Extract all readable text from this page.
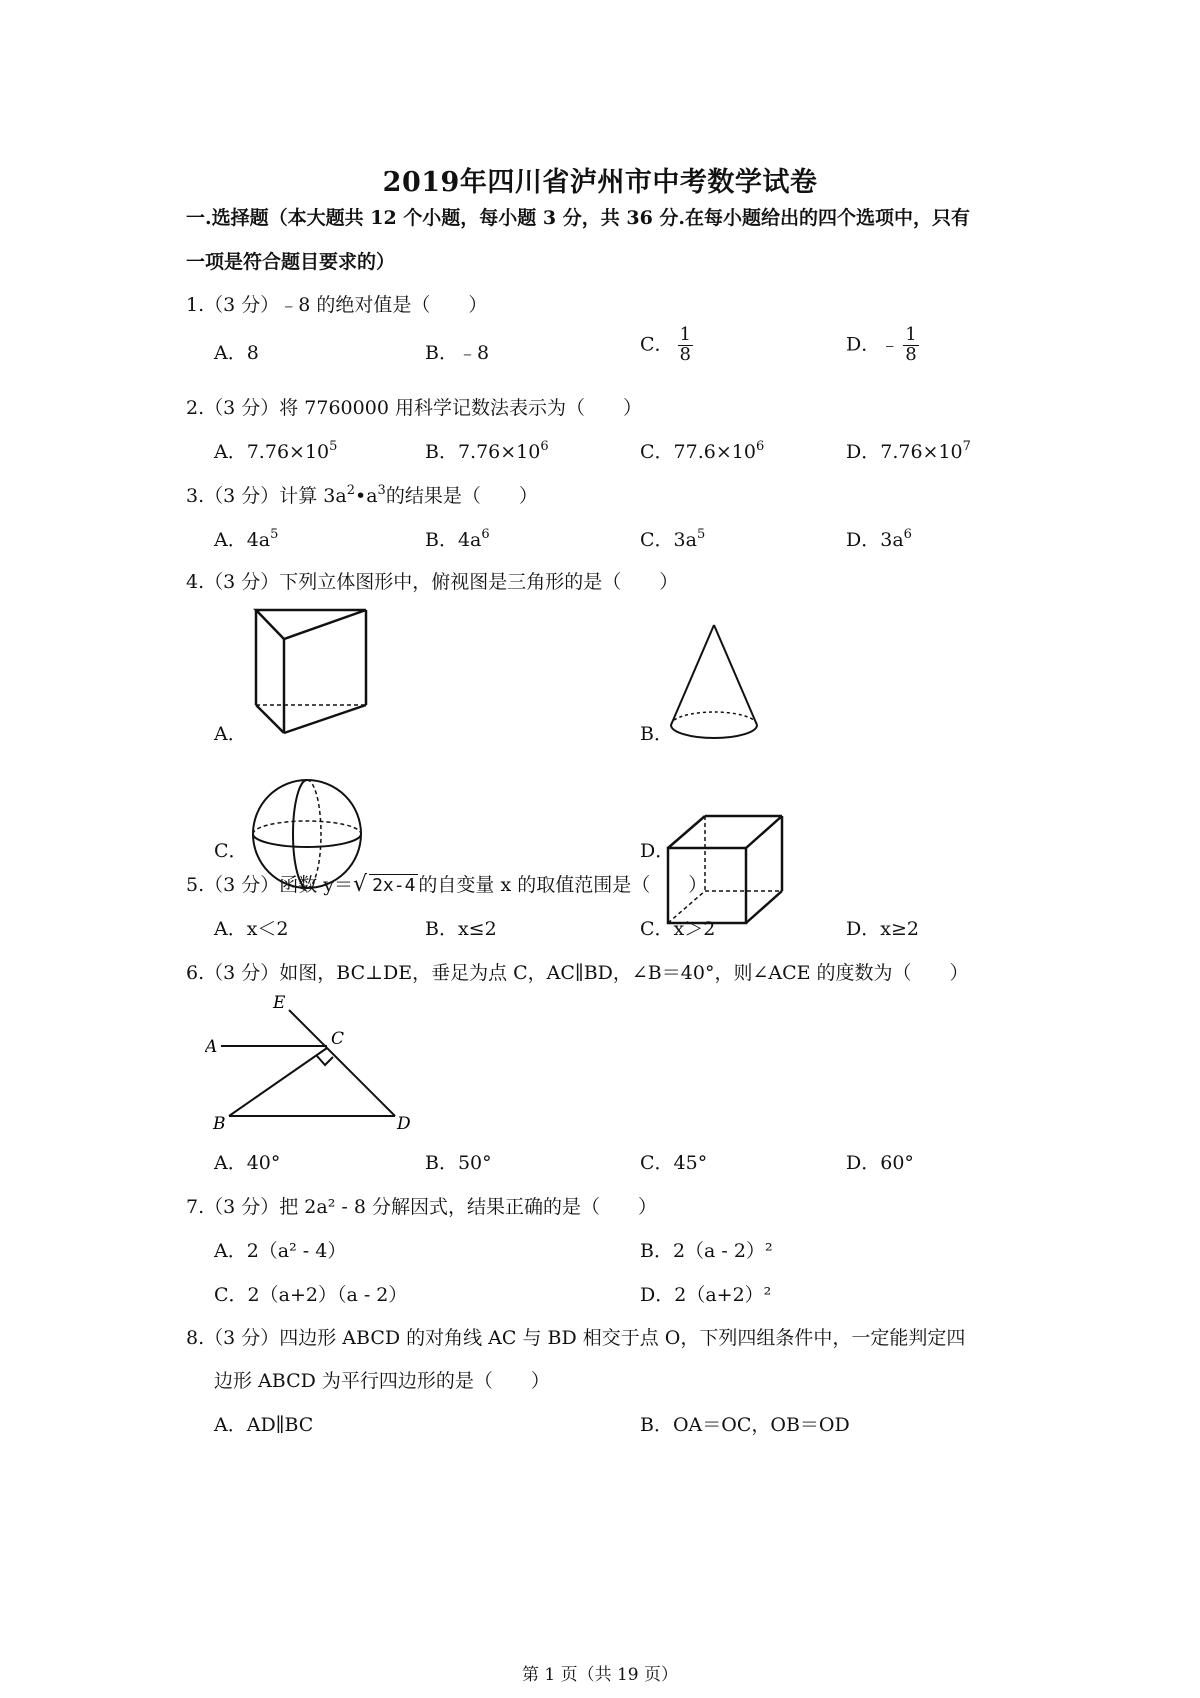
2019年四川省泸州市中考数学试卷
一.选择题（本大题共 12 个小题，每小题 3 分，共 36 分.在每小题给出的四个选项中，只有
一项是符合题目要求的）
1.（3 分）﹣8 的绝对值是（　　）
A．8	B．﹣8	C． $\frac{1}{8}$	D．﹣ $\frac{1}{8}$
2.（3 分）将 7760000 用科学记数法表示为（　　）
A．$7.76\times 10^5$	B．$7.76\times 10^6$	C．$77.6\times 10^6$	D．$7.76\times 10^7$
3.（3 分）计算 $3a^2•a^3$的结果是（　　）
A．$4a^5$	B．$4a^6$	C．$3a^5$	D．$3a^6$
4.（3 分）下列立体图形中，俯视图是三角形的是（　　）
A．	B．
C．	D．
5.（3 分）函数 y＝√ 2x-4 的自变量 x 的取值范围是（　　）
A．x＜2	B．x≤2	C．x＞2	D．x≥2
6.（3 分）如图，BC⊥DE，垂足为点 C，AC∥BD，∠B＝40°，则∠ACE 的度数为（　　）
E
A	C
B	D
A．40°	B．50°	C．45°	D．60°
7.（3 分）把 2a² - 8 分解因式，结果正确的是（　　）
A．2（a² - 4）	B．2（a - 2）²
C．2（a+2）（a - 2）	D．2（a+2）²
8.（3 分）四边形 ABCD 的对角线 AC 与 BD 相交于点 O，下列四组条件中，一定能判定四
边形 ABCD 为平行四边形的是（　　）
A．AD∥BC	B．OA＝OC，OB＝OD
第 1 页（共 19 页）
